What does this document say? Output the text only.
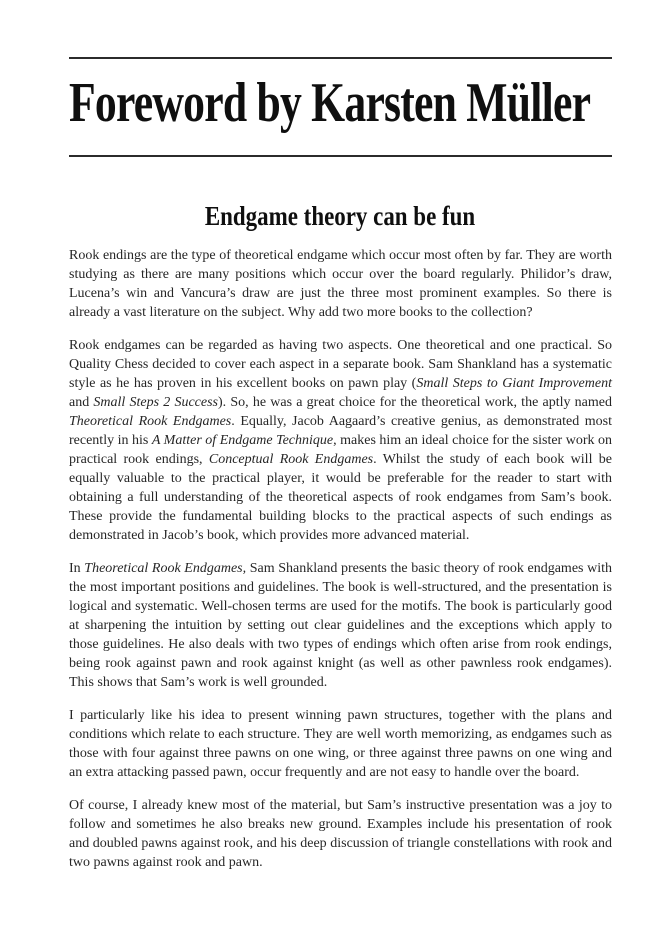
Foreword by Karsten Müller
Endgame theory can be fun

Rook endings are the type of theoretical endgame which occur most often by far. They are worth studying as there are many positions which occur over the board regularly. Philidor’s draw, Lucena’s win and Vancura’s draw are just the three most prominent examples. So there is already a vast literature on the subject. Why add two more books to the collection?

Rook endgames can be regarded as having two aspects. One theoretical and one practical. So Quality Chess decided to cover each aspect in a separate book. Sam Shankland has a systematic style as he has proven in his excellent books on pawn play (Small Steps to Giant Improvement and Small Steps 2 Success). So, he was a great choice for the theoretical work, the aptly named Theoretical Rook Endgames. Equally, Jacob Aagaard’s creative genius, as demonstrated most recently in his A Matter of Endgame Technique, makes him an ideal choice for the sister work on practical rook endings, Conceptual Rook Endgames. Whilst the study of each book will be equally valuable to the practical player, it would be preferable for the reader to start with obtaining a full understanding of the theoretical aspects of rook endgames from Sam’s book. These provide the fundamental building blocks to the practical aspects of such endings as demonstrated in Jacob’s book, which provides more advanced material.

In Theoretical Rook Endgames, Sam Shankland presents the basic theory of rook endgames with the most important positions and guidelines. The book is well-structured, and the presentation is logical and systematic. Well-chosen terms are used for the motifs. The book is particularly good at sharpening the intuition by setting out clear guidelines and the exceptions which apply to those guidelines. He also deals with two types of endings which often arise from rook endings, being rook against pawn and rook against knight (as well as other pawnless rook endgames). This shows that Sam’s work is well grounded.

I particularly like his idea to present winning pawn structures, together with the plans and conditions which relate to each structure. They are well worth memorizing, as endgames such as those with four against three pawns on one wing, or three against three pawns on one wing and an extra attacking passed pawn, occur frequently and are not easy to handle over the board.

Of course, I already knew most of the material, but Sam’s instructive presentation was a joy to follow and sometimes he also breaks new ground. Examples include his presentation of rook and doubled pawns against rook, and his deep discussion of triangle constellations with rook and two pawns against rook and pawn.
